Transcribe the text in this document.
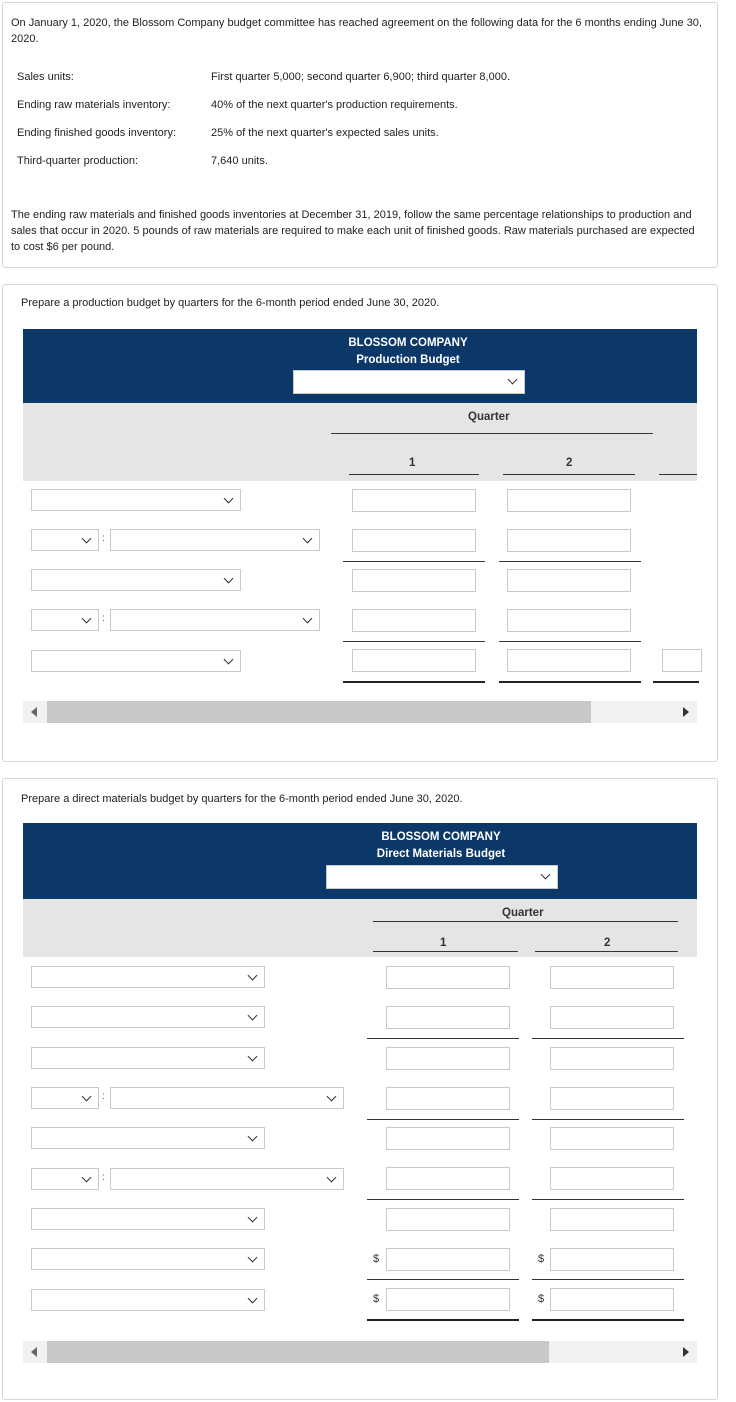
On January 1, 2020, the Blossom Company budget committee has reached agreement on the following data for the 6 months ending June 30, 2020.

Sales units:	First quarter 5,000; second quarter 6,900; third quarter 8,000.
Ending raw materials inventory:	40% of the next quarter's production requirements.
Ending finished goods inventory:	25% of the next quarter's expected sales units.
Third-quarter production:	7,640 units.

The ending raw materials and finished goods inventories at December 31, 2019, follow the same percentage relationships to production and sales that occur in 2020. 5 pounds of raw materials are required to make each unit of finished goods. Raw materials purchased are expected to cost $6 per pound.

Prepare a production budget by quarters for the 6-month period ended June 30, 2020.
BLOSSOM COMPANY
Production Budget
Quarter
1	2
:
:
Prepare a direct materials budget by quarters for the 6-month period ended June 30, 2020.
BLOSSOM COMPANY
Direct Materials Budget
Quarter
1	2
:
:
$	$
$	$
